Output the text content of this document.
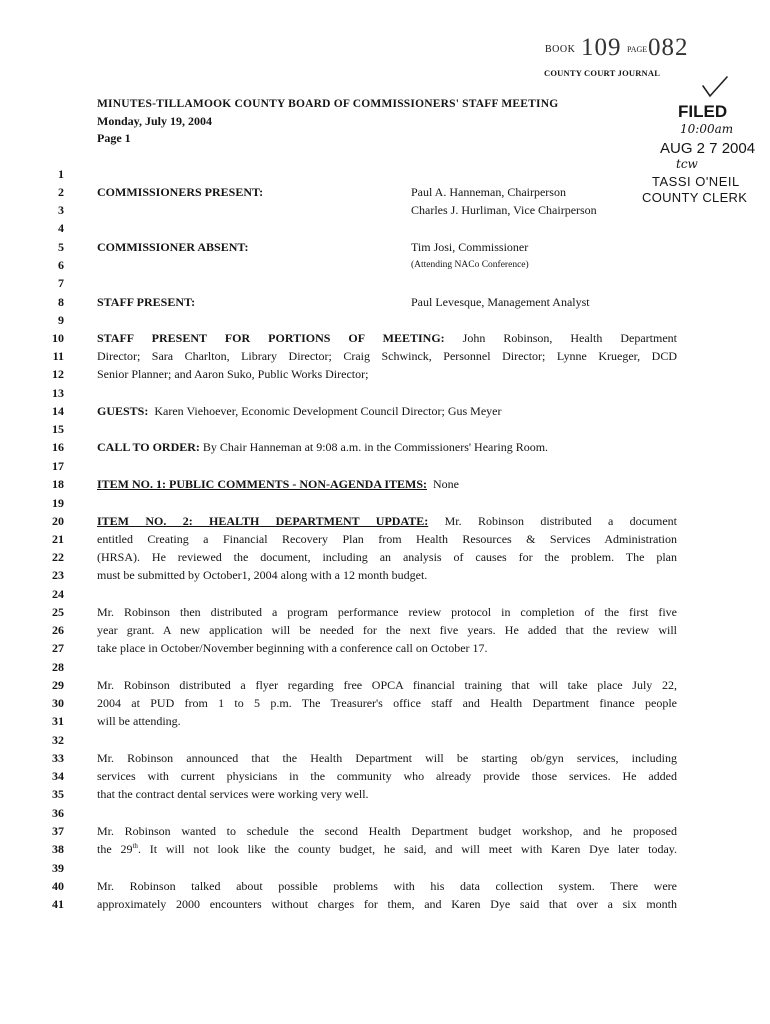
BOOK 109 PAGE 082
COUNTY COURT JOURNAL
FILED
10:00am
AUG 2 7 2004
tcw
TASSI O'NEIL
COUNTY CLERK
MINUTES-TILLAMOOK COUNTY BOARD OF COMMISSIONERS' STAFF MEETING
Monday, July 19, 2004
Page 1
1
2
3
4
5
6
7
8
9
10
11
12
13
14
15
16
17
18
19
20
21
22
23
24
25
26
27
28
29
30
31
32
33
34
35
36
37
38
39
40
41
COMMISSIONERS PRESENT:	Paul A. Hanneman, Chairperson
Charles J. Hurliman, Vice Chairperson
COMMISSIONER ABSENT:	Tim Josi, Commissioner
(Attending NACo Conference)
STAFF PRESENT:	Paul Levesque, Management Analyst
STAFF PRESENT FOR PORTIONS OF MEETING: John Robinson, Health Department
Director; Sara Charlton, Library Director; Craig Schwinck, Personnel Director; Lynne Krueger, DCD
Senior Planner; and Aaron Suko, Public Works Director;
GUESTS: Karen Viehoever, Economic Development Council Director; Gus Meyer
CALL TO ORDER: By Chair Hanneman at 9:08 a.m. in the Commissioners' Hearing Room.
ITEM NO. 1: PUBLIC COMMENTS - NON-AGENDA ITEMS: None
ITEM NO. 2: HEALTH DEPARTMENT UPDATE: Mr. Robinson distributed a document
entitled Creating a Financial Recovery Plan from Health Resources & Services Administration
(HRSA). He reviewed the document, including an analysis of causes for the problem. The plan
must be submitted by October1, 2004 along with a 12 month budget.
Mr. Robinson then distributed a program performance review protocol in completion of the first five
year grant. A new application will be needed for the next five years. He added that the review will
take place in October/November beginning with a conference call on October 17.
Mr. Robinson distributed a flyer regarding free OPCA financial training that will take place July 22,
2004 at PUD from 1 to 5 p.m. The Treasurer's office staff and Health Department finance people
will be attending.
Mr. Robinson announced that the Health Department will be starting ob/gyn services, including
services with current physicians in the community who already provide those services. He added
that the contract dental services were working very well.
Mr. Robinson wanted to schedule the second Health Department budget workshop, and he proposed
the 29th. It will not look like the county budget, he said, and will meet with Karen Dye later today.
Mr. Robinson talked about possible problems with his data collection system. There were
approximately 2000 encounters without charges for them, and Karen Dye said that over a six month
